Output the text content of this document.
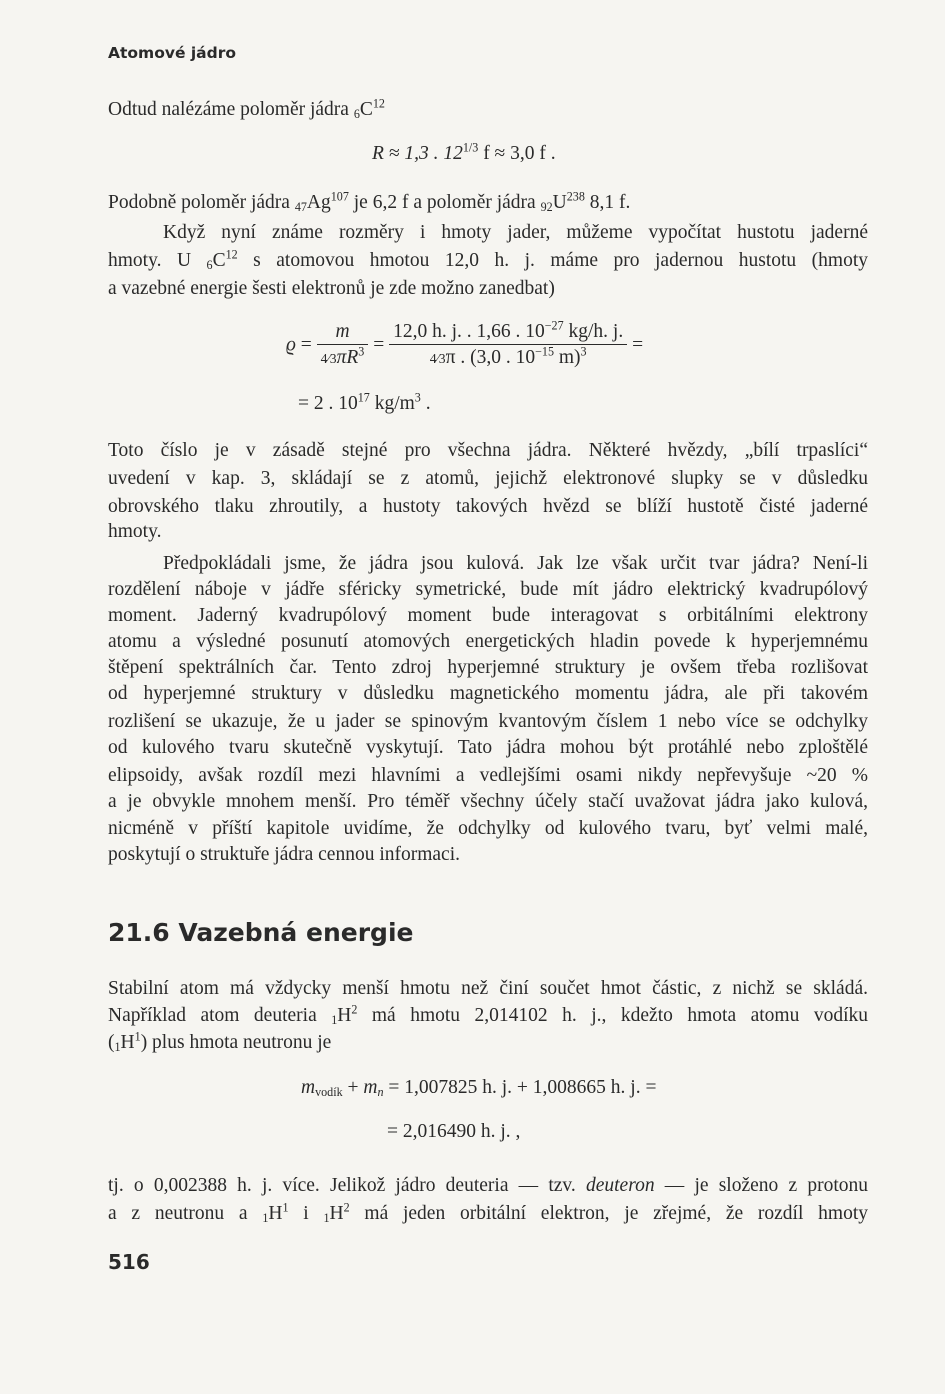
Atomové jádro

Odtud nalézáme poloměr jádra $_6C^{12}$

R ≈ 1,3 . $12^{1/3}$ f ≈ 3,0 f .

Podobně poloměr jádra $_{47}Ag^{107}$ je 6,2 f a poloměr jádra $_{92}U^{238}$ 8,1 f.

Když nyní známe rozměry i hmoty jader, můžeme vypočítat hustotu jaderné

hmoty. U $_6C^{12}$ s atomovou hmotou 12,0 h. j. máme pro jadernou hustotu (hmoty

a vazebné energie šesti elektronů je zde možno zanedbat)

$ϱ = \frac{m}{4⁄3\pi R^3} = \frac{12,0 h. j. . 1,66 . 10^{-27} kg/h. j.}{4⁄3\pi . (3,0 . 10^{-15} m)^3}$ =
= 2 . $10^{17}$ $kg/m^3$ .

Toto číslo je v zásadě stejné pro všechna jádra. Některé hvězdy, „bílí trpaslíci“

uvedení v kap. 3, skládají se z atomů, jejichž elektronové slupky se v důsledku

obrovského tlaku zhroutily, a hustoty takových hvězd se blíží hustotě čisté jaderné

hmoty.

Předpokládali jsme, že jádra jsou kulová. Jak lze však určit tvar jádra? Není-li

rozdělení náboje v jádře sféricky symetrické, bude mít jádro elektrický kvadrupólový

moment. Jaderný kvadrupólový moment bude interagovat s orbitálními elektrony

atomu a výsledné posunutí atomových energetických hladin povede k hyperjemnému

štěpení spektrálních čar. Tento zdroj hyperjemné struktury je ovšem třeba rozlišovat

od hyperjemné struktury v důsledku magnetického momentu jádra, ale při takovém

rozlišení se ukazuje, že u jader se spinovým kvantovým číslem 1 nebo více se odchylky

od kulového tvaru skutečně vyskytují. Tato jádra mohou být protáhlé nebo zploštělé

elipsoidy, avšak rozdíl mezi hlavními a vedlejšími osami nikdy nepřevyšuje ~20 %

a je obvykle mnohem menší. Pro téměř všechny účely stačí uvažovat jádra jako kulová,

nicméně v příští kapitole uvidíme, že odchylky od kulového tvaru, byť velmi malé,

poskytují o struktuře jádra cennou informaci.

21.6 Vazebná energie

Stabilní atom má vždycky menší hmotu než činí součet hmot částic, z nichž se skládá.

Například atom deuteria $_1H^2$ má hmotu 2,014102 h. j., kdežto hmota atomu vodíku

$(_1H^1)$ plus hmota neutronu je

$m_{vodík} + m_n = 1,007825$ h. j. + 1,008665 h. j. =
= 2,016490 h. j. ,

tj. o 0,002388 h. j. více. Jelikož jádro deuteria — tzv. deuteron — je složeno z protonu

a z neutronu a $_1H^1$ i $_1H^2$ má jeden orbitální elektron, je zřejmé, že rozdíl hmoty

516
